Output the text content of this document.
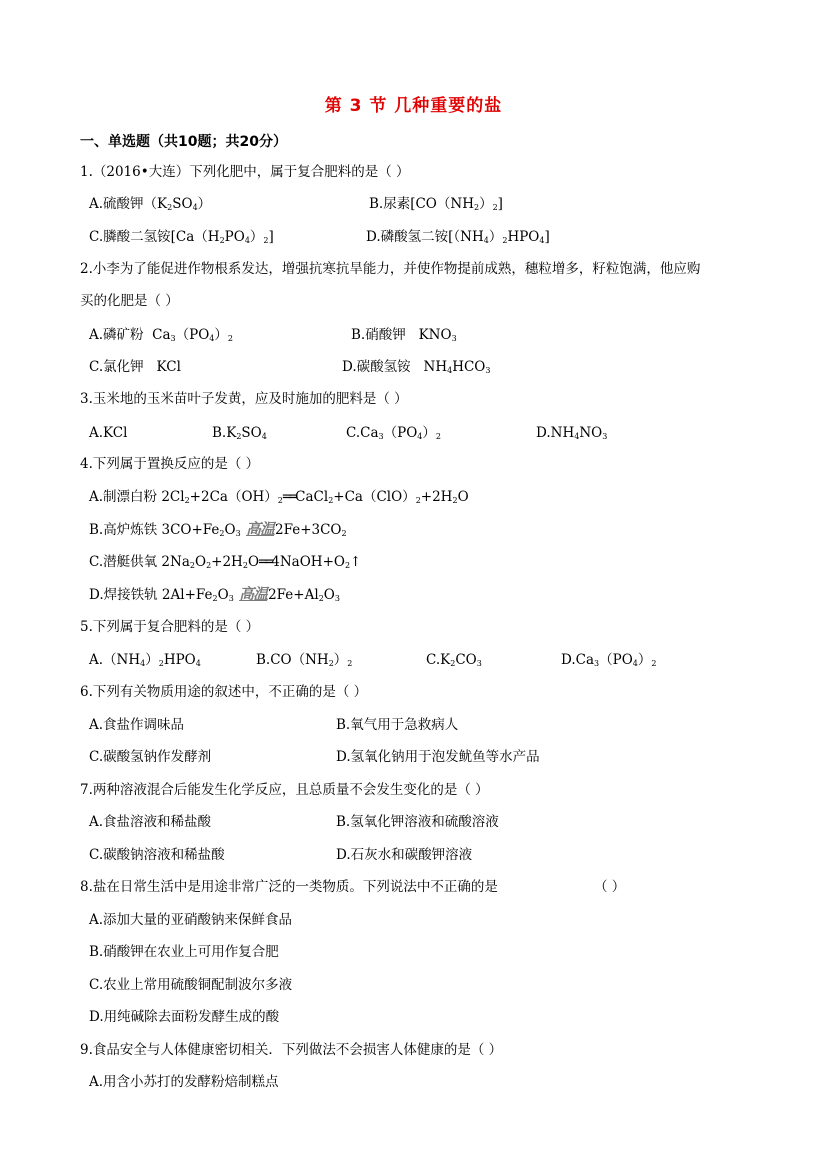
第 3 节 几种重要的盐
一、单选题（共10题；共20分）
1.（2016•大连）下列化肥中，属于复合肥料的是（ ）
A.硫酸钾$(K_2SO_4)$	B.尿素$[CO(NH_2)_2]$
C.膦酸二氢铵$[Ca(H_2PO_4)_2]$	D.磷酸氢二铵$[(NH_4)_2HPO_4]$
2.小李为了能促进作物根系发达，增强抗寒抗旱能力，并使作物提前成熟，穗粒增多，籽粒饱满，他应购
买的化肥是（ ）
A.磷矿粉  $Ca_3(PO_4)_2$	B.硝酸钾   $KNO_3$
C.氯化钾   KCl	D.碳酸氢铵   $NH_4HCO_3$
3.玉米地的玉米苗叶子发黄，应及时施加的肥料是（ ）
A.KCl	$B.K_2SO_4$	$C.Ca_3(PO_4)_2$	$D.NH_4NO_3$
4.下列属于置换反应的是（ ）
A.制漂白粉 $2Cl_2+2Ca(OH)_2══CaCl_2+Ca(ClO)_2+2H_2O$
B.高炉炼铁 $3CO+Fe_2O_3$ 高温$2Fe+3CO_2$
C.潜艇供氧 $2Na_2O_2+2H_2O══4NaOH+O_2↑$
D.焊接铁轨 $2Al+Fe_2O_3$ 高温$2Fe+Al_2O_3$
5.下列属于复合肥料的是（ ）
$A.(NH_4)_2HPO_4$	$B.CO(NH_2)_2$	$C.K_2CO_3$	$D.Ca_3(PO_4)_2$
6.下列有关物质用途的叙述中，不正确的是（ ）
A.食盐作调味品	B.氧气用于急救病人
C.碳酸氢钠作发酵剂	D.氢氧化钠用于泡发鱿鱼等水产品
7.两种溶液混合后能发生化学反应，且总质量不会发生变化的是（ ）
A.食盐溶液和稀盐酸	B.氢氧化钾溶液和硫酸溶液
C.碳酸钠溶液和稀盐酸	D.石灰水和碳酸钾溶液
8.盐在日常生活中是用途非常广泛的一类物质。下列说法中不正确的是	（ ）
A.添加大量的亚硝酸钠来保鲜食品
B.硝酸钾在农业上可用作复合肥
C.农业上常用硫酸铜配制波尔多液
D.用纯碱除去面粉发酵生成的酸
9.食品安全与人体健康密切相关．下列做法不会损害人体健康的是（ ）
A.用含小苏打的发酵粉焙制糕点
